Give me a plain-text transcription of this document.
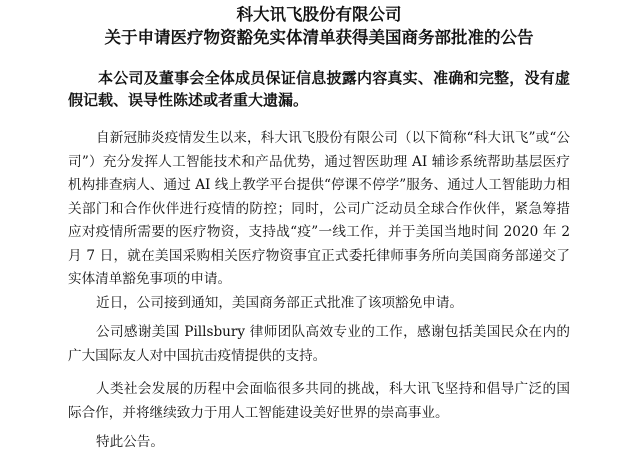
科大讯飞股份有限公司
关于申请医疗物资豁免实体清单获得美国商务部批准的公告

本公司及董事会全体成员保证信息披露内容真实、准确和完整，没有虚假记载、误导性陈述或者重大遗漏。

自新冠肺炎疫情发生以来，科大讯飞股份有限公司（以下简称“科大讯飞”或“公司”）充分发挥人工智能技术和产品优势，通过智医助理 AI 辅诊系统帮助基层医疗机构排查病人、通过 AI 线上教学平台提供“停课不停学”服务、通过人工智能助力相关部门和合作伙伴进行疫情的防控；同时，公司广泛动员全球合作伙伴，紧急筹措应对疫情所需要的医疗物资，支持战“疫”一线工作，并于美国当地时间 2020 年 2 月 7 日，就在美国采购相关医疗物资事宜正式委托律师事务所向美国商务部递交了实体清单豁免事项的申请。

近日，公司接到通知，美国商务部正式批准了该项豁免申请。

公司感谢美国 Pillsbury 律师团队高效专业的工作，感谢包括美国民众在内的广大国际友人对中国抗击疫情提供的支持。

人类社会发展的历程中会面临很多共同的挑战，科大讯飞坚持和倡导广泛的国际合作，并将继续致力于用人工智能建设美好世界的崇高事业。

特此公告。
